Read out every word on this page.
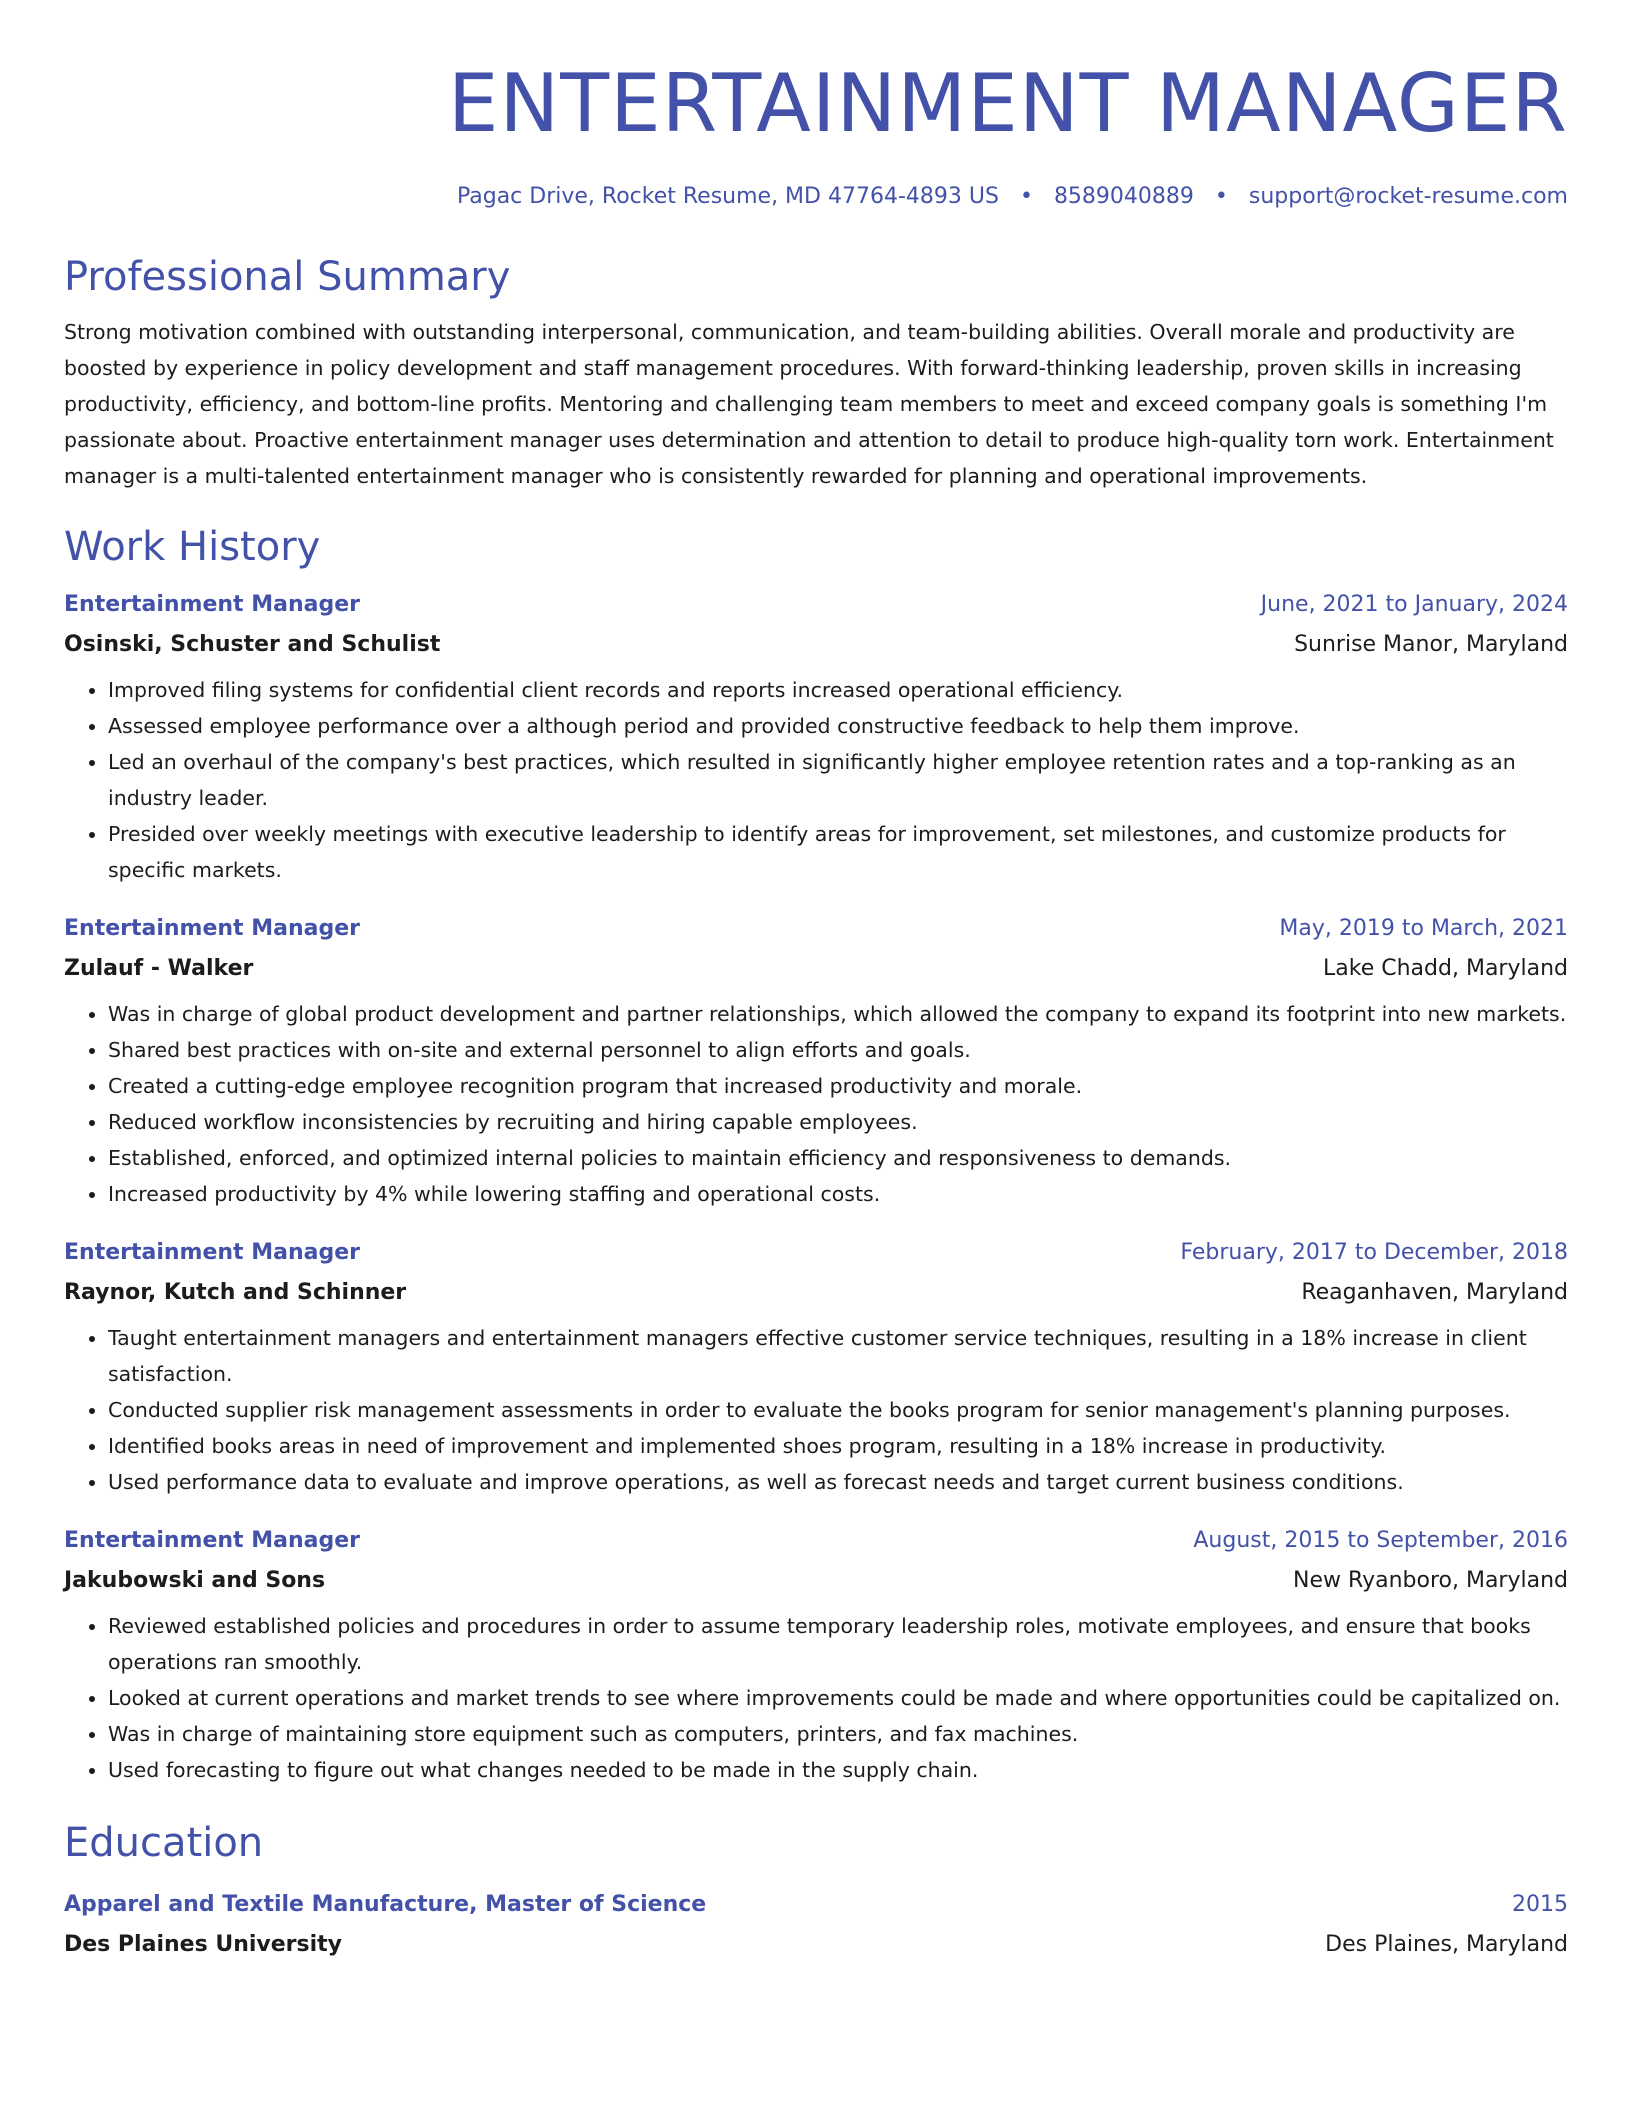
ENTERTAINMENT MANAGER
Pagac Drive, Rocket Resume, MD 47764-4893 US • 8589040889 • support@rocket-resume.com
Professional Summary

Strong motivation combined with outstanding interpersonal, communication, and team-building abilities. Overall morale and productivity are boosted by experience in policy development and staff management procedures. With forward-thinking leadership, proven skills in increasing productivity, efficiency, and bottom-line profits. Mentoring and challenging team members to meet and exceed company goals is something I'm passionate about. Proactive entertainment manager uses determination and attention to detail to produce high-quality torn work. Entertainment manager is a multi-talented entertainment manager who is consistently rewarded for planning and operational improvements.

Work History
Entertainment Manager	June, 2021 to January, 2024
Osinski, Schuster and Schulist	Sunrise Manor, Maryland
• Improved filing systems for confidential client records and reports increased operational efficiency.
• Assessed employee performance over a although period and provided constructive feedback to help them improve.
• Led an overhaul of the company's best practices, which resulted in significantly higher employee retention rates and a top-ranking as an industry leader.
• Presided over weekly meetings with executive leadership to identify areas for improvement, set milestones, and customize products for specific markets.
Entertainment Manager	May, 2019 to March, 2021
Zulauf - Walker	Lake Chadd, Maryland
• Was in charge of global product development and partner relationships, which allowed the company to expand its footprint into new markets.
• Shared best practices with on-site and external personnel to align efforts and goals.
• Created a cutting-edge employee recognition program that increased productivity and morale.
• Reduced workflow inconsistencies by recruiting and hiring capable employees.
• Established, enforced, and optimized internal policies to maintain efficiency and responsiveness to demands.
• Increased productivity by 4% while lowering staffing and operational costs.
Entertainment Manager	February, 2017 to December, 2018
Raynor, Kutch and Schinner	Reaganhaven, Maryland
• Taught entertainment managers and entertainment managers effective customer service techniques, resulting in a 18% increase in client satisfaction.
• Conducted supplier risk management assessments in order to evaluate the books program for senior management's planning purposes.
• Identified books areas in need of improvement and implemented shoes program, resulting in a 18% increase in productivity.
• Used performance data to evaluate and improve operations, as well as forecast needs and target current business conditions.
Entertainment Manager	August, 2015 to September, 2016
Jakubowski and Sons	New Ryanboro, Maryland
• Reviewed established policies and procedures in order to assume temporary leadership roles, motivate employees, and ensure that books operations ran smoothly.
• Looked at current operations and market trends to see where improvements could be made and where opportunities could be capitalized on.
• Was in charge of maintaining store equipment such as computers, printers, and fax machines.
• Used forecasting to figure out what changes needed to be made in the supply chain.
Education
Apparel and Textile Manufacture, Master of Science	2015
Des Plaines University	Des Plaines, Maryland
